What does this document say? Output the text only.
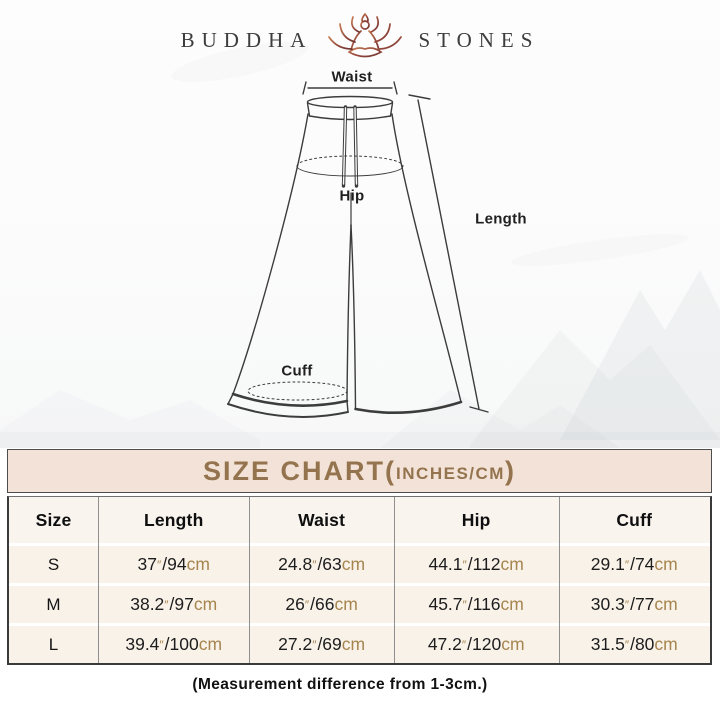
BUDDHA	STONES
Waist
Hip
Cuff
Length
SIZE CHART( INCHES/CM )
Size	Length	Waist	Hip	Cuff
S	37 ″ /94 cm	24.8 ″ /63 cm	44.1 ″ /112 cm	29.1 ″ /74 cm
M	38.2 ″ /97 cm	26 ″ /66 cm	45.7 ″ /116 cm	30.3 ″ /77 cm
L	39.4 ″ /100 cm	27.2 ″ /69 cm	47.2 ″ /120 cm	31.5 ″ /80 cm
(Measurement difference from 1-3cm.)
